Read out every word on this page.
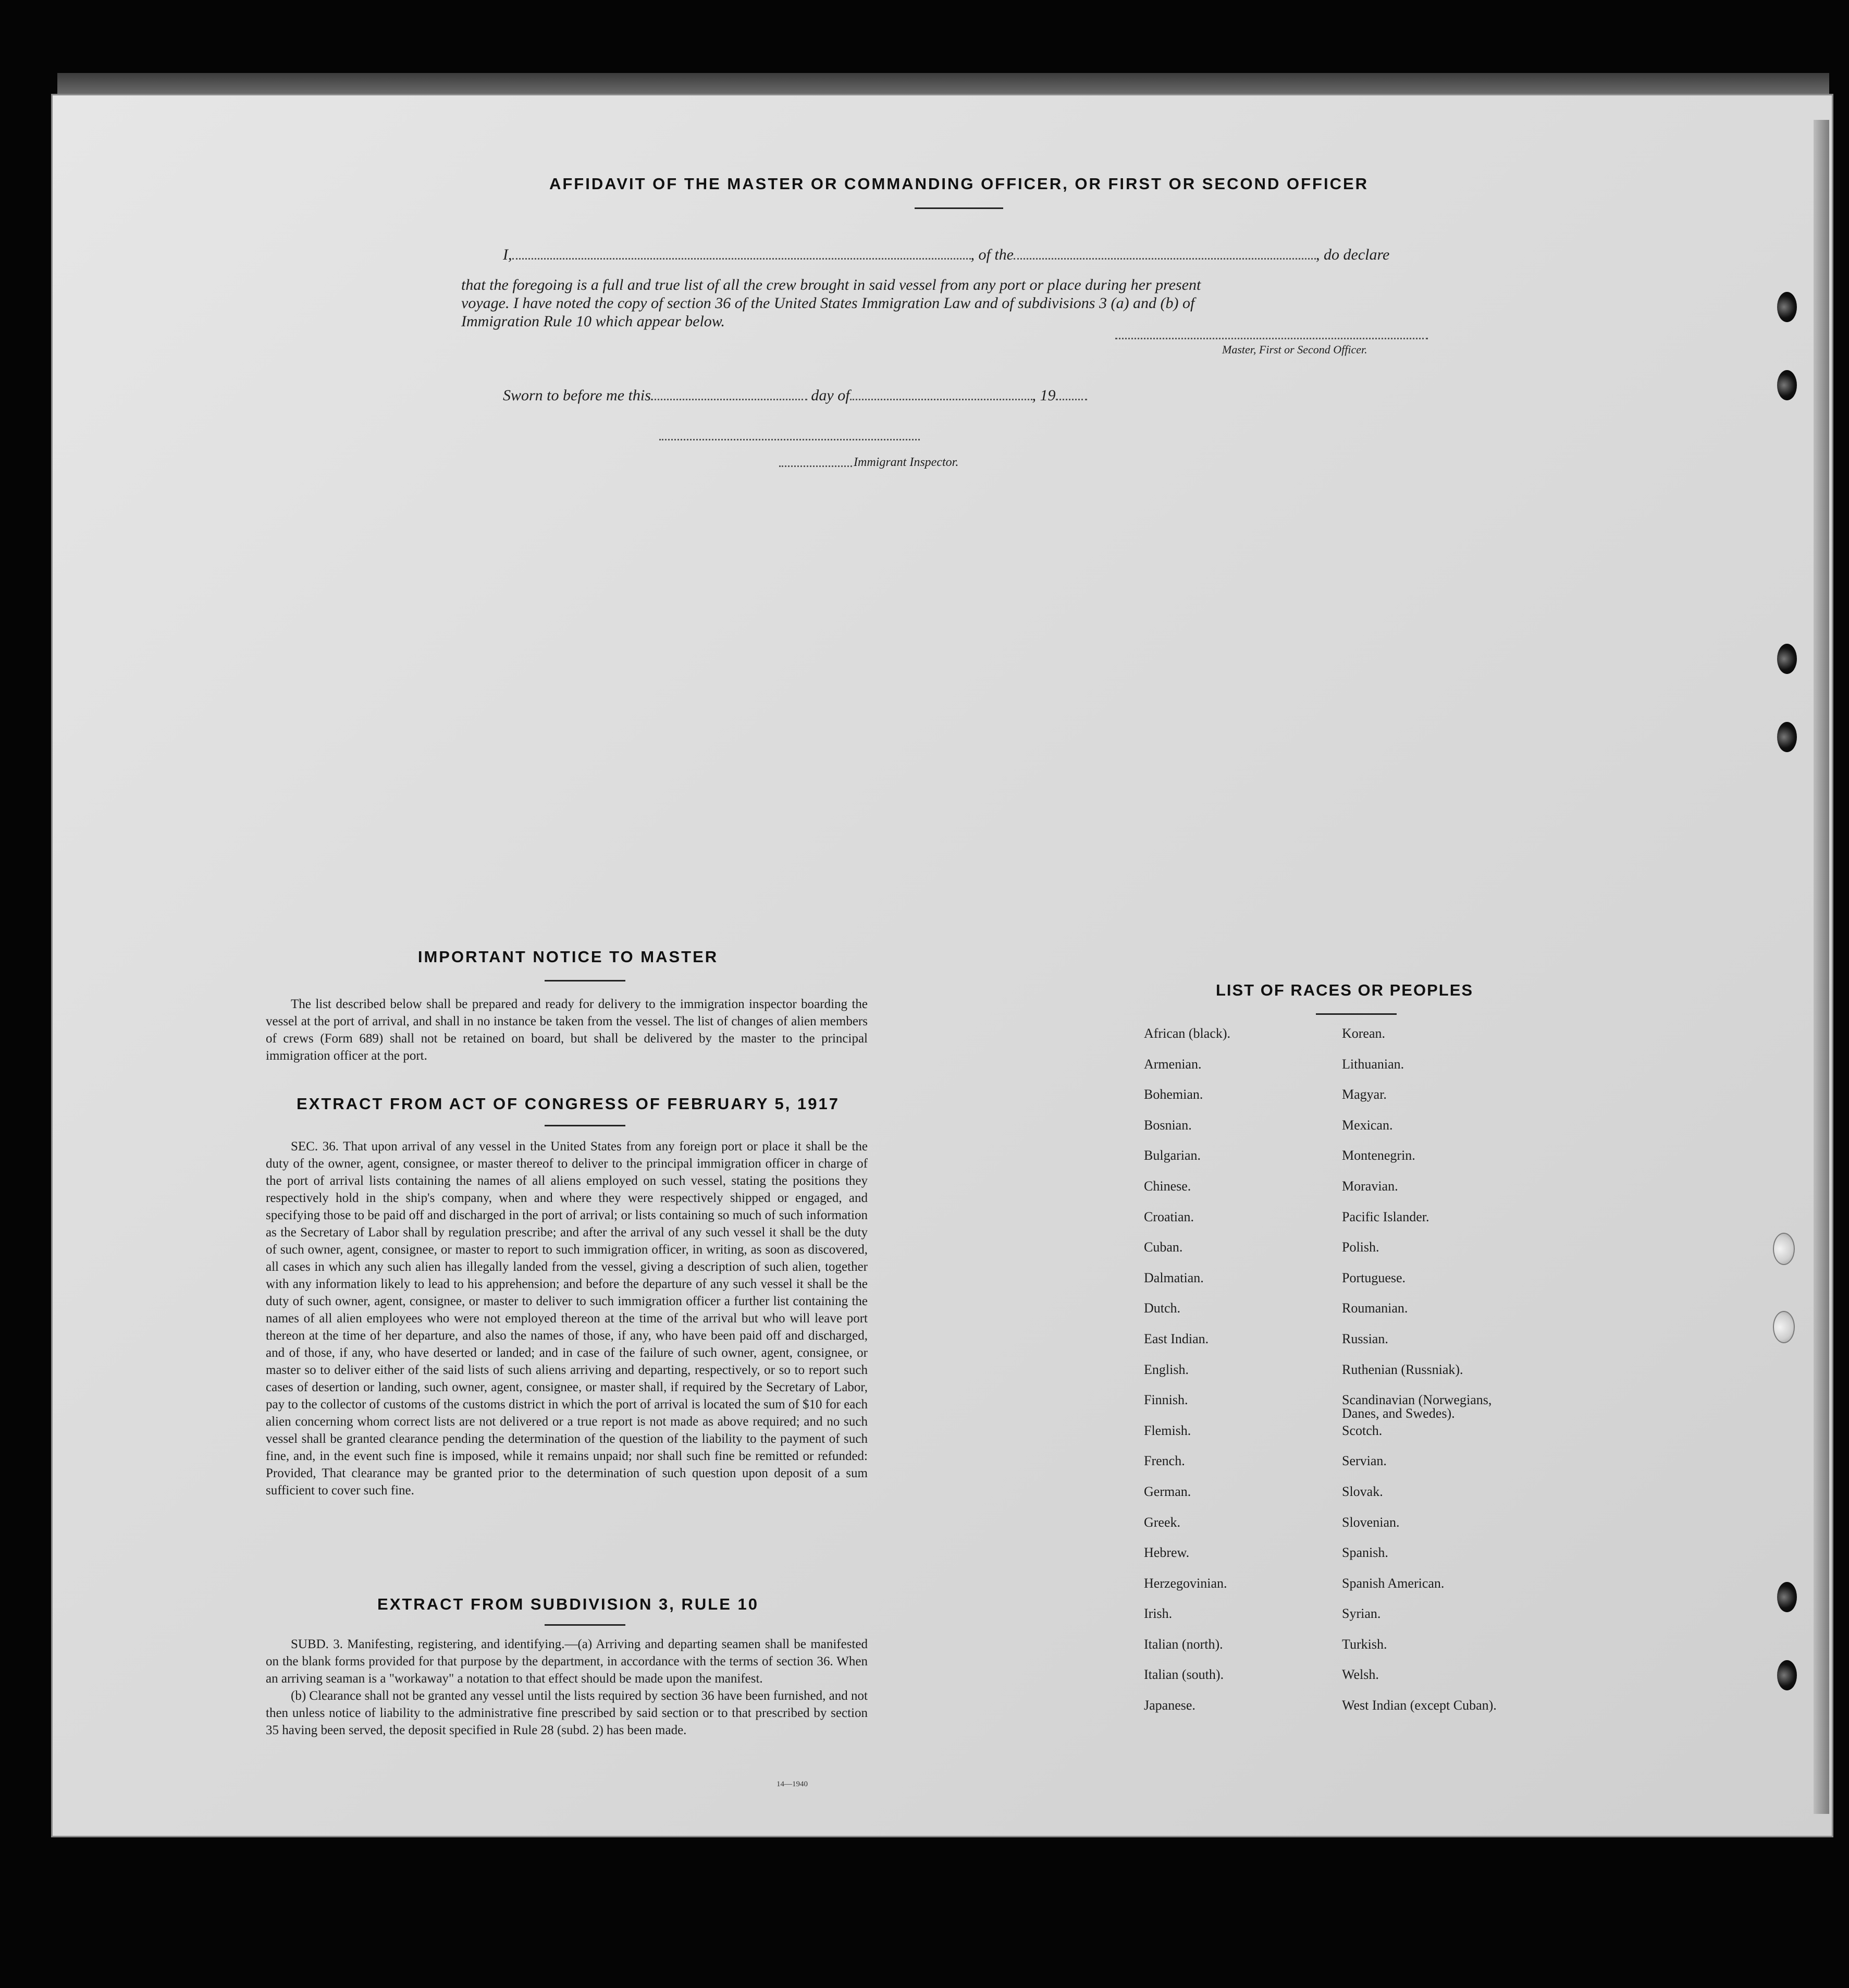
AFFIDAVIT OF THE MASTER OR COMMANDING OFFICER, OR FIRST OR SECOND OFFICER
I,	, of the	, do declare
that the foregoing is a full and true list of all the crew brought in said vessel from any port or place during her present
voyage. I have noted the copy of section 36 of the United States Immigration Law and of subdivisions 3 (a) and (b) of
Immigration Rule 10 which appear below.
Master, First or Second Officer.
Sworn to before me this	day of	, 19
Immigrant Inspector.
IMPORTANT NOTICE TO MASTER

The list described below shall be prepared and ready for delivery to the immigration inspector boarding the vessel at the port of arrival, and shall in no instance be taken from the vessel. The list of changes of alien members of crews (Form 689) shall not be retained on board, but shall be delivered by the master to the principal immigration officer at the port.

EXTRACT FROM ACT OF CONGRESS OF FEBRUARY 5, 1917

SEC. 36. That upon arrival of any vessel in the United States from any foreign port or place it shall be the duty of the owner, agent, consignee, or master thereof to deliver to the principal immigration officer in charge of the port of arrival lists containing the names of all aliens employed on such vessel, stating the positions they respectively hold in the ship's company, when and where they were respectively shipped or engaged, and specifying those to be paid off and discharged in the port of arrival; or lists containing so much of such information as the Secretary of Labor shall by regulation prescribe; and after the arrival of any such vessel it shall be the duty of such owner, agent, consignee, or master to report to such immigration officer, in writing, as soon as discovered, all cases in which any such alien has illegally landed from the vessel, giving a description of such alien, together with any information likely to lead to his apprehension; and before the departure of any such vessel it shall be the duty of such owner, agent, consignee, or master to deliver to such immigration officer a further list containing the names of all alien employees who were not employed thereon at the time of the arrival but who will leave port thereon at the time of her departure, and also the names of those, if any, who have been paid off and discharged, and of those, if any, who have deserted or landed; and in case of the failure of such owner, agent, consignee, or master so to deliver either of the said lists of such aliens arriving and departing, respectively, or so to report such cases of desertion or landing, such owner, agent, consignee, or master shall, if required by the Secretary of Labor, pay to the collector of customs of the customs district in which the port of arrival is located the sum of $10 for each alien concerning whom correct lists are not delivered or a true report is not made as above required; and no such vessel shall be granted clearance pending the determination of the question of the liability to the payment of such fine, and, in the event such fine is imposed, while it remains unpaid; nor shall such fine be remitted or refunded: Provided, That clearance may be granted prior to the determination of such question upon deposit of a sum sufficient to cover such fine.

EXTRACT FROM SUBDIVISION 3, RULE 10

SUBD. 3. Manifesting, registering, and identifying.—(a) Arriving and departing seamen shall be manifested on the blank forms provided for that purpose by the department, in accordance with the terms of section 36. When an arriving seaman is a "workaway" a notation to that effect should be made upon the manifest.

(b) Clearance shall not be granted any vessel until the lists required by section 36 have been furnished, and not then unless notice of liability to the administrative fine prescribed by said section or to that prescribed by section 35 having been served, the deposit specified in Rule 28 (subd. 2) has been made.

14—1940
LIST OF RACES OR PEOPLES
African (black).	Korean.
Armenian.	Lithuanian.
Bohemian.	Magyar.
Bosnian.	Mexican.
Bulgarian.	Montenegrin.
Chinese.	Moravian.
Croatian.	Pacific Islander.
Cuban.	Polish.
Dalmatian.	Portuguese.
Dutch.	Roumanian.
East Indian.	Russian.
English.	Ruthenian (Russniak).
Finnish.	Scandinavian (Norwegians,
Danes, and Swedes).
Flemish.	Scotch.
French.	Servian.
German.	Slovak.
Greek.	Slovenian.
Hebrew.	Spanish.
Herzegovinian.	Spanish American.
Irish.	Syrian.
Italian (north).	Turkish.
Italian (south).	Welsh.
Japanese.	West Indian (except Cuban).
